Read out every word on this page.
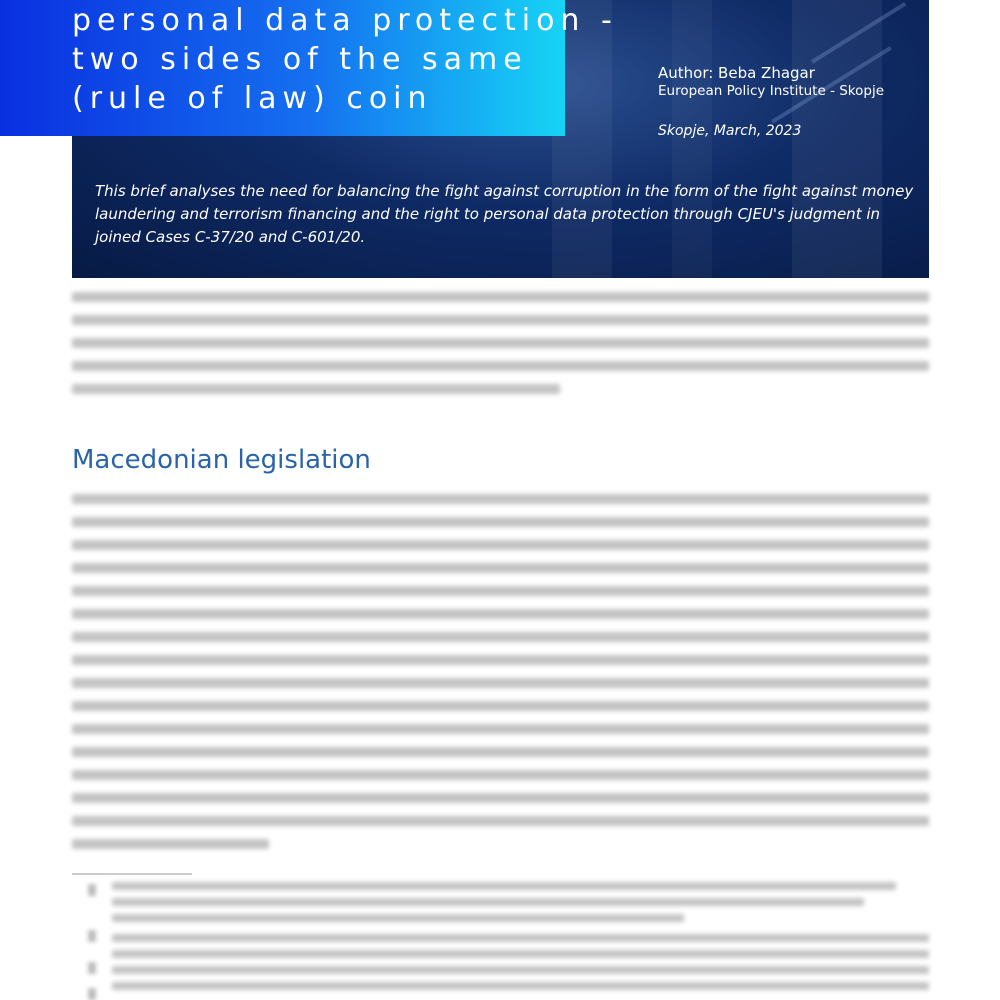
Author: Beba Zhagar
European Policy Institute - Skopje
Skopje, March, 2023
This brief analyses the need for balancing the fight against corruption in the form of the fight against money laundering and terrorism financing and the right to personal data protection through CJEU's judgment in joined Cases C-37/20 and C-601/20.
personal data protection -
two sides of the same
(rule of law) coin
Macedonian legislation
